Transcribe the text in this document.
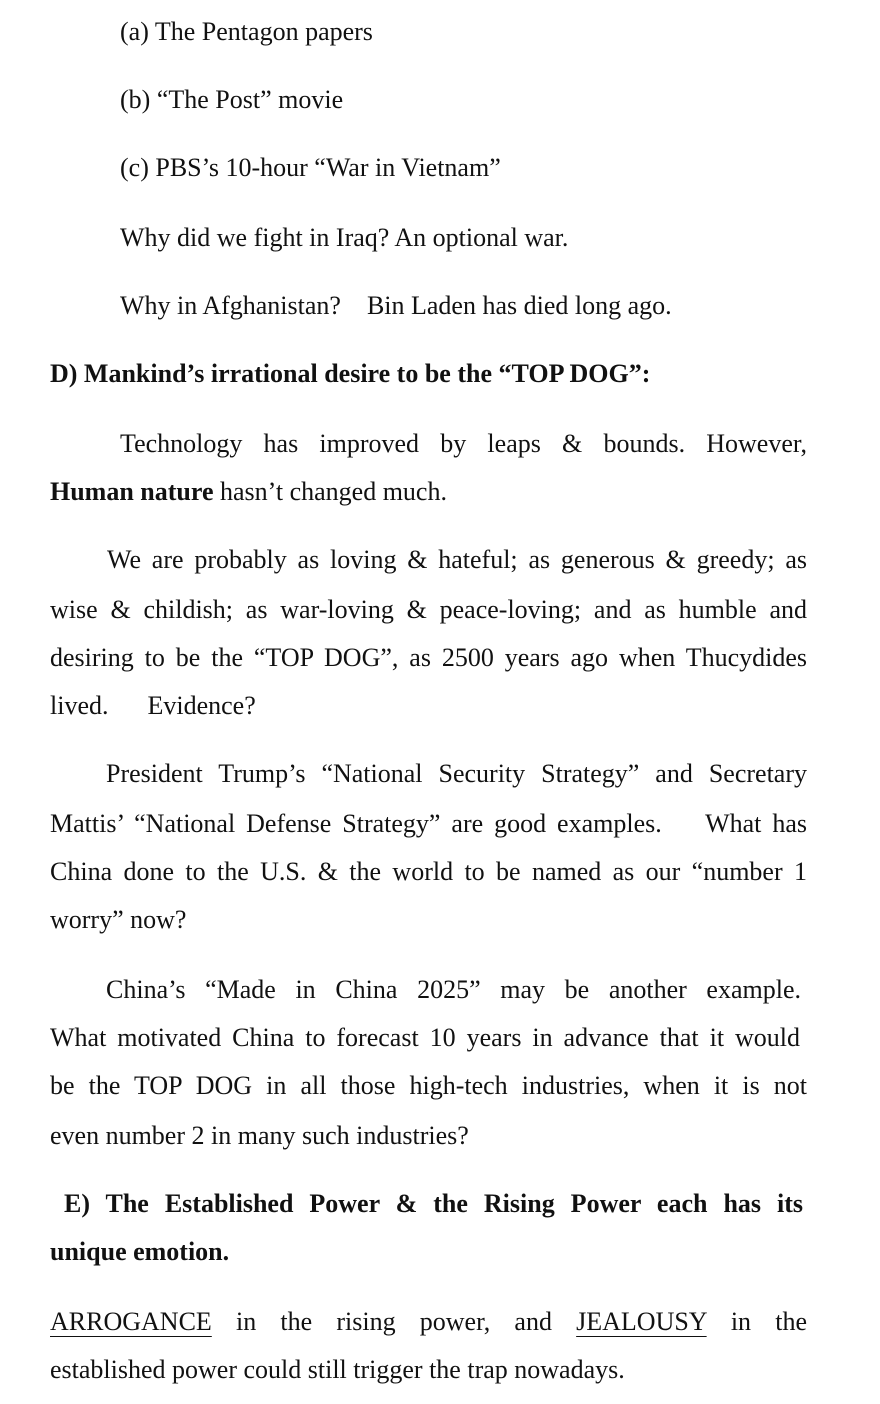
(a) The Pentagon papers
(b) “The Post” movie
(c) PBS’s 10-hour “War in Vietnam”
Why did we fight in Iraq? An optional war.
Why in Afghanistan?    Bin Laden has died long ago.
D) Mankind’s irrational desire to be the “TOP DOG”:
Technology has improved by leaps & bounds. However,
Human nature hasn’t changed much.
We are probably as loving & hateful; as generous & greedy; as
wise & childish; as war-loving & peace-loving; and as humble and
desiring to be the “TOP DOG”, as 2500 years ago when Thucydides
lived.      Evidence?
President Trump’s “National Security Strategy” and Secretary
Mattis’ “National Defense Strategy” are good examples.    What has
China done to the U.S. & the world to be named as our “number 1
worry” now?
China’s “Made in China 2025” may be another example.
What motivated China to forecast 10 years in advance that it would
be the TOP DOG in all those high-tech industries, when it is not
even number 2 in many such industries?
E) The Established Power & the Rising Power each has its
unique emotion.
ARROGANCE in the rising power, and JEALOUSY in the
established power could still trigger the trap nowadays.
